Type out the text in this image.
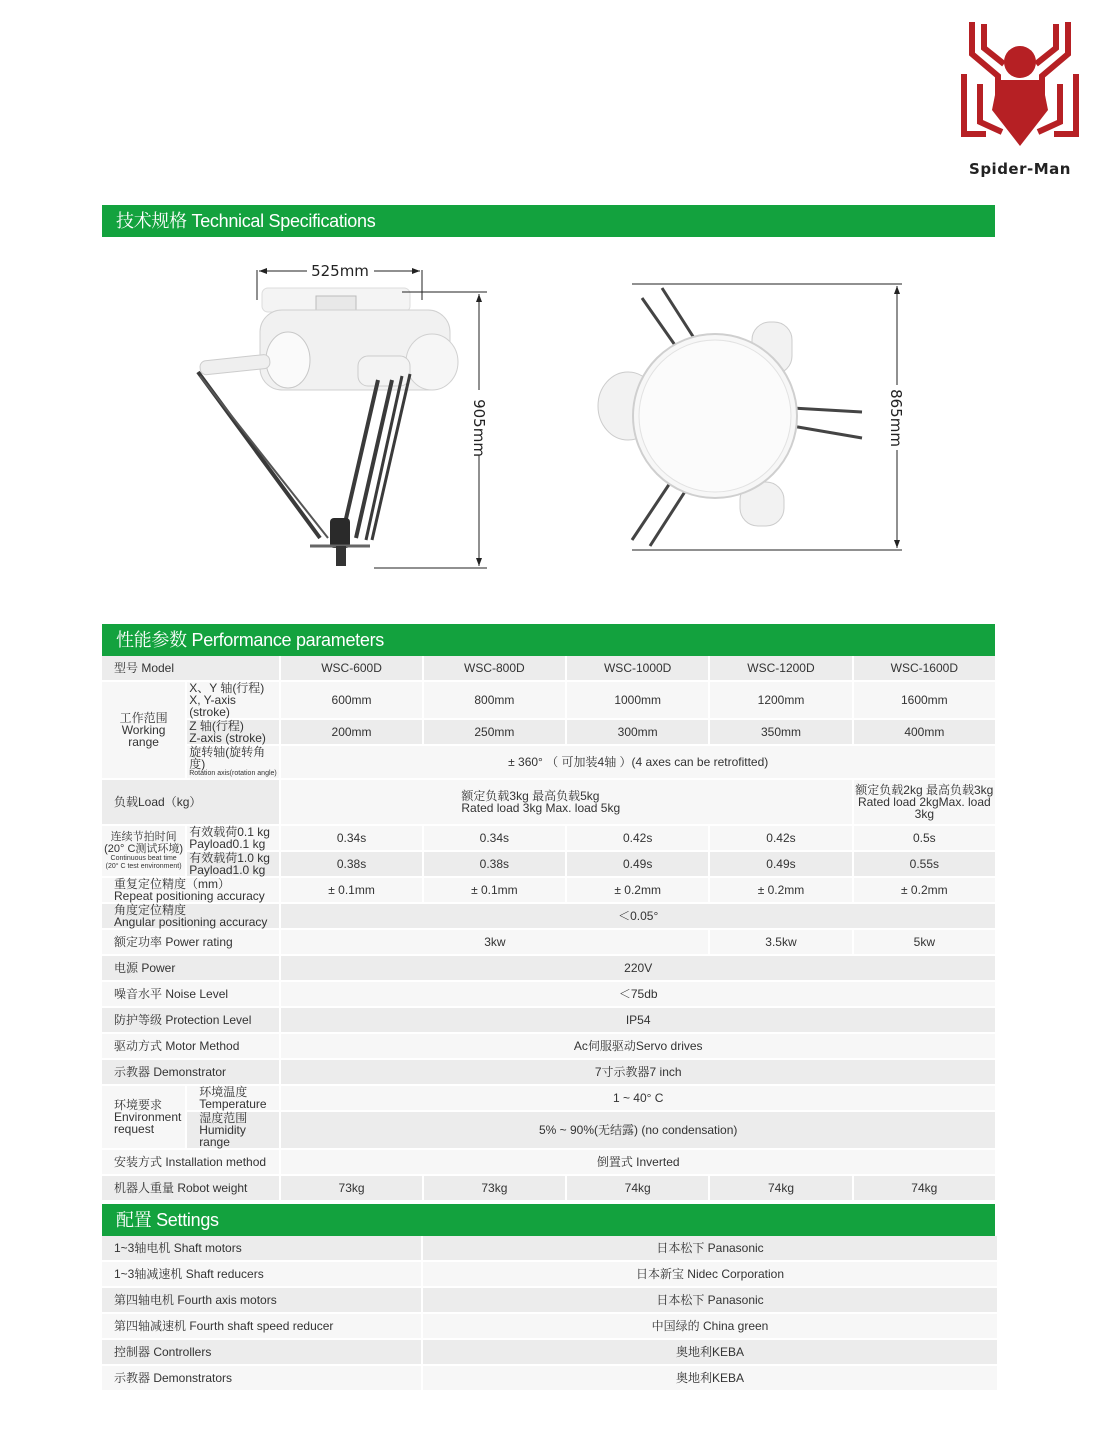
Spider-Man
技术规格 Technical Specifications
525mm
905mm	865mm
性能参数 Performance parameters
型号 Model		WSC-600D	WSC-800D	WSC-1000D	WSC-1200D	WSC-1600D

工作范围
Working
range	X、Y 轴(行程)
X, Y-axis (stroke)	600mm	800mm	1000mm	1200mm	1600mm

	Z 轴(行程)
Z-axis (stroke)	200mm	250mm	300mm	350mm	400mm

	旋转轴(旋转角度)
Rotation axis(rotation angle)	± 360° （ 可加装4轴 ）(4 axes can be retrofitted)				
负载Load（kg）		额定负载3kg 最高负载5kg
Rated load 3kg Max. load 5kg				额定负载2kg 最高负载3kg
Rated load 2kgMax. load 3kg

连续节拍时间
(20° C测试环境)
Continuous beat time
(20° C test environment)	有效载荷0.1 kg
Payload0.1 kg	0.34s	0.34s	0.42s	0.42s	0.5s

	有效载荷1.0 kg
Payload1.0 kg	0.38s	0.38s	0.49s	0.49s	0.55s

重复定位精度（mm）
Repeat positioning accuracy		± 0.1mm	± 0.1mm	± 0.2mm	± 0.2mm	± 0.2mm

角度定位精度
Angular positioning accuracy		＜0.05°				
额定功率 Power rating		3kw			3.5kw	5kw
电源 Power		220V				
噪音水平 Noise Level		＜75db				
防护等级 Protection Level		IP54				
驱动方式 Motor Method		Ac伺服驱动Servo drives				
示教器 Demonstrator		7寸示教器7 inch				

环境要求
Environment
request	环境温度
Temperature	1 ~ 40° C				

	湿度范围
Humidity range	5% ~ 90%(无结露) (no condensation)				
安装方式 Installation method		倒置式 Inverted				
机器人重量 Robot weight		73kg	73kg	74kg	74kg	74kg
配置 Settings
1~3轴电机 Shaft motors	日本松下 Panasonic
1~3轴减速机 Shaft reducers	日本新宝 Nidec Corporation
第四轴电机 Fourth axis motors	日本松下 Panasonic
第四轴减速机 Fourth shaft speed reducer	中国绿的 China green
控制器 Controllers	奥地利KEBA
示教器 Demonstrators	奥地利KEBA
